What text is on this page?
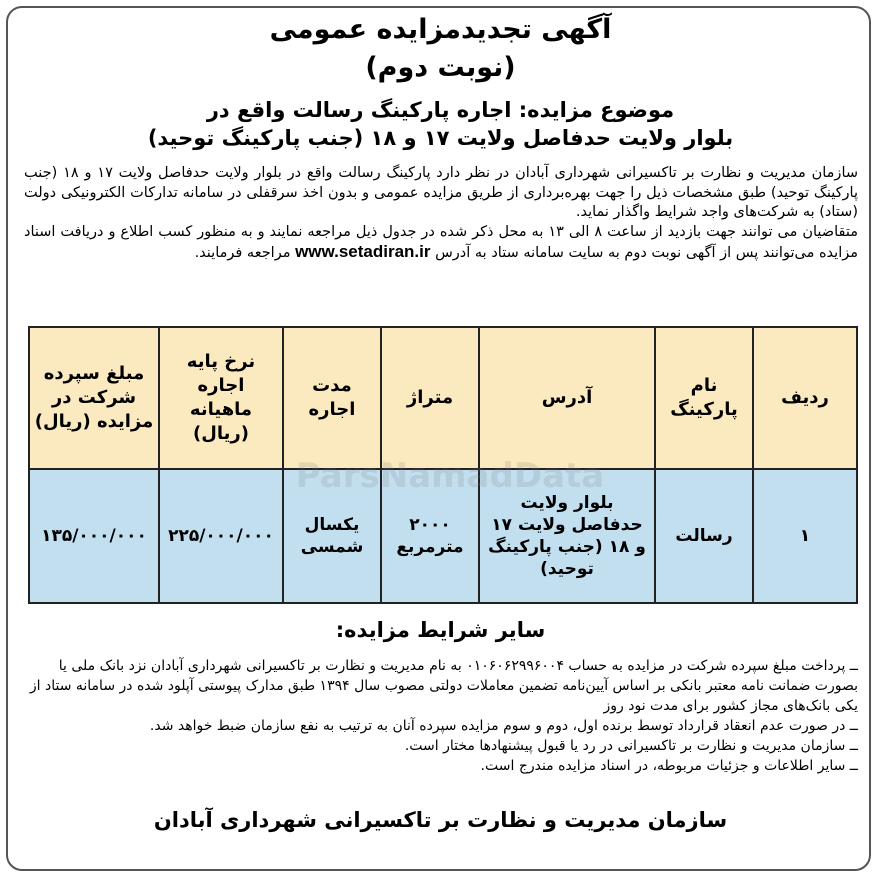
آگهی تجدیدمزایده عمومی
(نوبت دوم)
موضوع مزایده: اجاره پارکینگ رسالت واقع در
بلوار ولایت حدفاصل ولایت ۱۷ و ۱۸ (جنب پارکینگ توحید)

سازمان مدیریت و نظارت بر تاکسیرانی شهرداری آبادان در نظر دارد پارکینگ رسالت واقع در بلوار ولایت حدفاصل ولایت ۱۷ و ۱۸ (جنب پارکینگ توحید) طبق مشخصات ذیل را جهت بهره‌برداری از طریق مزایده عمومی و بدون اخذ سرقفلی در سامانه تدارکات الکترونیکی دولت (ستاد) به شرکت‌های واجد شرایط واگذار نماید.

متقاضیان می توانند جهت بازدید از ساعت ۸ الی ۱۳ به محل ذکر شده در جدول ذیل مراجعه نمایند و به منظور کسب اطلاع و دریافت اسناد مزایده می‌توانند پس از آگهی نوبت دوم به سایت سامانه ستاد به آدرس www.setadiran.ir مراجعه فرمایند.

ردیف	نام پارکینگ	آدرس	متراژ	مدت اجاره	نرخ پایه اجاره ماهیانه (ریال)	مبلغ سپرده شرکت در مزایده (ریال)
۱	رسالت	بلوار ولایت حدفاصل ولایت ۱۷ و ۱۸ (جنب پارکینگ توحید)	۲۰۰۰ مترمربع	یکسال شمسی	۲۲۵/۰۰۰/۰۰۰	۱۳۵/۰۰۰/۰۰۰
سایر شرایط مزایده:
ــ پرداخت مبلغ سپرده شرکت در مزایده به حساب ۰۱۰۶۰۶۲۹۹۶۰۰۴ به نام مدیریت و نظارت بر تاکسیرانی شهرداری آبادان نزد بانک ملی یا بصورت ضمانت نامه معتبر بانکی بر اساس آیین‌نامه تضمین معاملات دولتی مصوب سال ۱۳۹۴ طبق مدارک پیوستی آپلود شده در سامانه ستاد از یکی بانک‌های مجاز کشور برای مدت نود روز
ــ در صورت عدم انعقاد قرارداد توسط برنده اول، دوم و سوم مزایده سپرده آنان به ترتیب به نفع سازمان ضبط خواهد شد.
ــ سازمان مدیریت و نظارت بر تاکسیرانی در رد یا قبول پیشنهادها مختار است.
ــ سایر اطلاعات و جزئیات مربوطه، در اسناد مزایده مندرج است.
سازمان مدیریت و نظارت بر تاکسیرانی شهرداری آبادان
